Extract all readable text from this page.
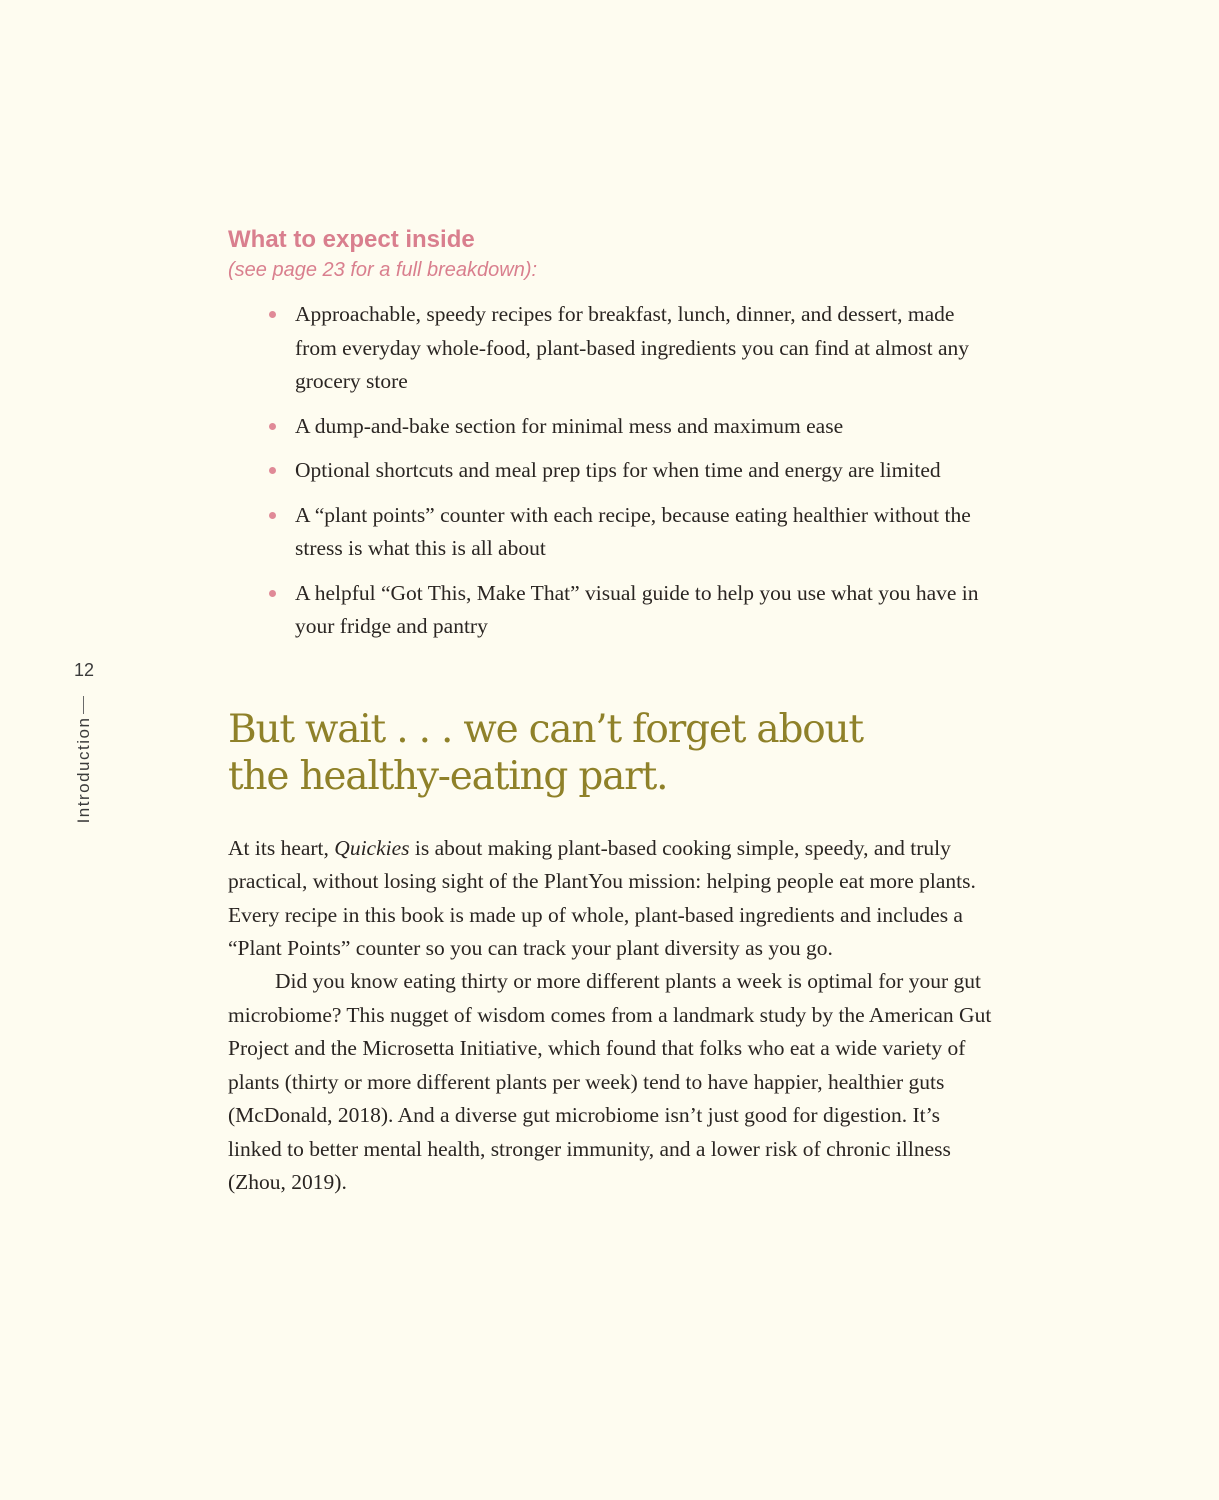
12
Introduction
What to expect inside
(see page 23 for a full breakdown):
Approachable, speedy recipes for breakfast, lunch, dinner, and dessert, made from everyday whole-food, plant-based ingredients you can find at almost any grocery store
A dump-and-bake section for minimal mess and maximum ease
Optional shortcuts and meal prep tips for when time and energy are limited
A “plant points” counter with each recipe, because eating healthier without the stress is what this is all about
A helpful “Got This, Make That” visual guide to help you use what you have in your fridge and pantry
But wait . . . we can’t forget about the healthy-eating part.

At its heart, Quickies is about making plant-based cooking simple, speedy, and truly practical, without losing sight of the PlantYou mission: helping people eat more plants. Every recipe in this book is made up of whole, plant-based ingredients and includes a “Plant Points” counter so you can track your plant diversity as you go.

Did you know eating thirty or more different plants a week is optimal for your gut microbiome? This nugget of wisdom comes from a landmark study by the American Gut Project and the Microsetta Initiative, which found that folks who eat a wide variety of plants (thirty or more different plants per week) tend to have happier, healthier guts (McDonald, 2018). And a diverse gut microbiome isn’t just good for digestion. It’s linked to better mental health, stronger immunity, and a lower risk of chronic illness (Zhou, 2019).
